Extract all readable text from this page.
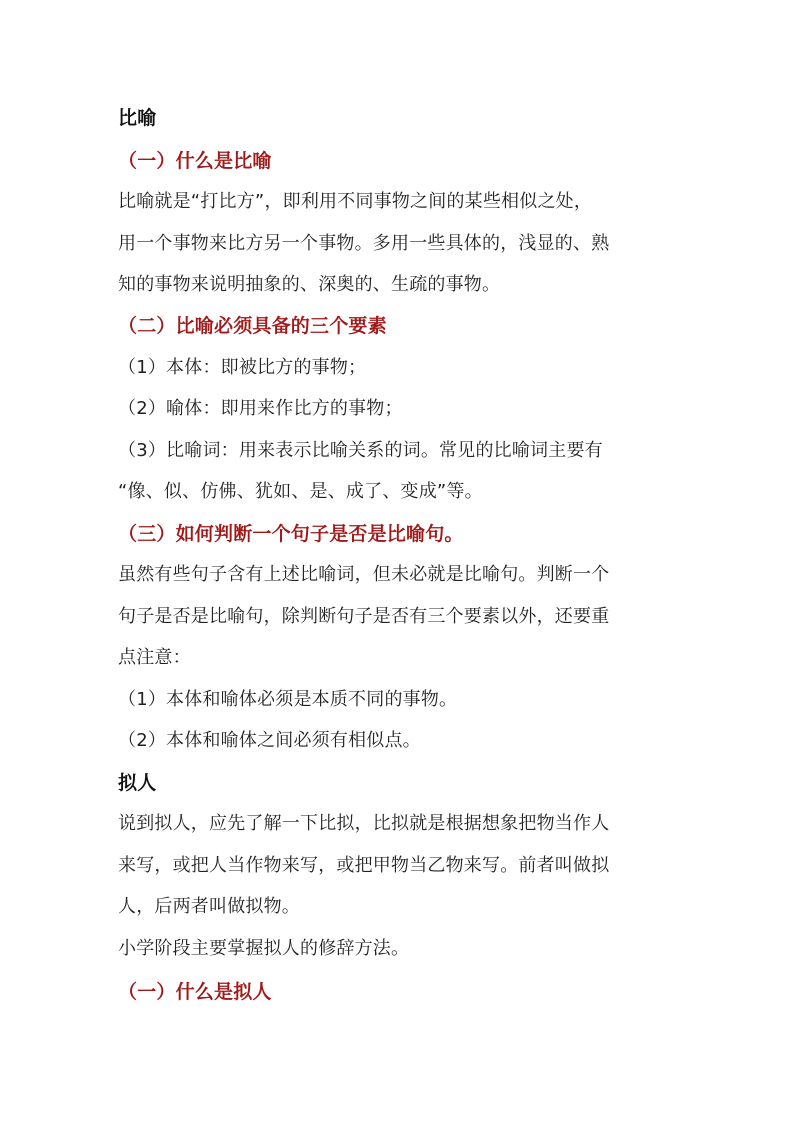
比喻
（一）什么是比喻
比喻就是“打比方”，即利用不同事物之间的某些相似之处，
用一个事物来比方另一个事物。多用一些具体的，浅显的、熟
知的事物来说明抽象的、深奥的、生疏的事物。
（二）比喻必须具备的三个要素
（1）本体：即被比方的事物；
（2）喻体：即用来作比方的事物；
（3）比喻词：用来表示比喻关系的词。常见的比喻词主要有
“像、似、仿佛、犹如、是、成了、变成”等。
（三）如何判断一个句子是否是比喻句。
虽然有些句子含有上述比喻词，但未必就是比喻句。判断一个
句子是否是比喻句，除判断句子是否有三个要素以外，还要重
点注意：
（1）本体和喻体必须是本质不同的事物。
（2）本体和喻体之间必须有相似点。
拟人
说到拟人，应先了解一下比拟，比拟就是根据想象把物当作人
来写，或把人当作物来写，或把甲物当乙物来写。前者叫做拟
人，后两者叫做拟物。
小学阶段主要掌握拟人的修辞方法。
（一）什么是拟人
